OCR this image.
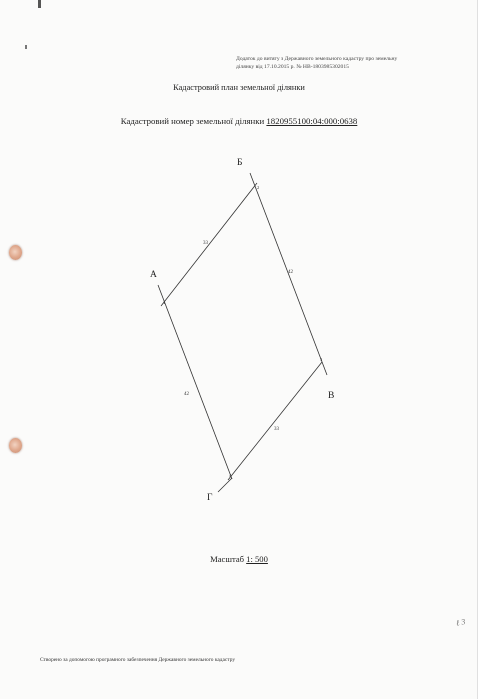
Додаток до витягу з Державного земельного кадастру про земельну ділянку від 17.10.2015 р. № НВ-1803985302015
Кадастровий план земельної ділянки
Кадастровий номер земельної ділянки 1820955100:04:000:0638
А
Б
В
Г
1
2
3
4
33
42
33
42
Масштаб 1: 500
Створено за допомогою програмного забезпечення Державного земельного кадастру
ℓ 3
